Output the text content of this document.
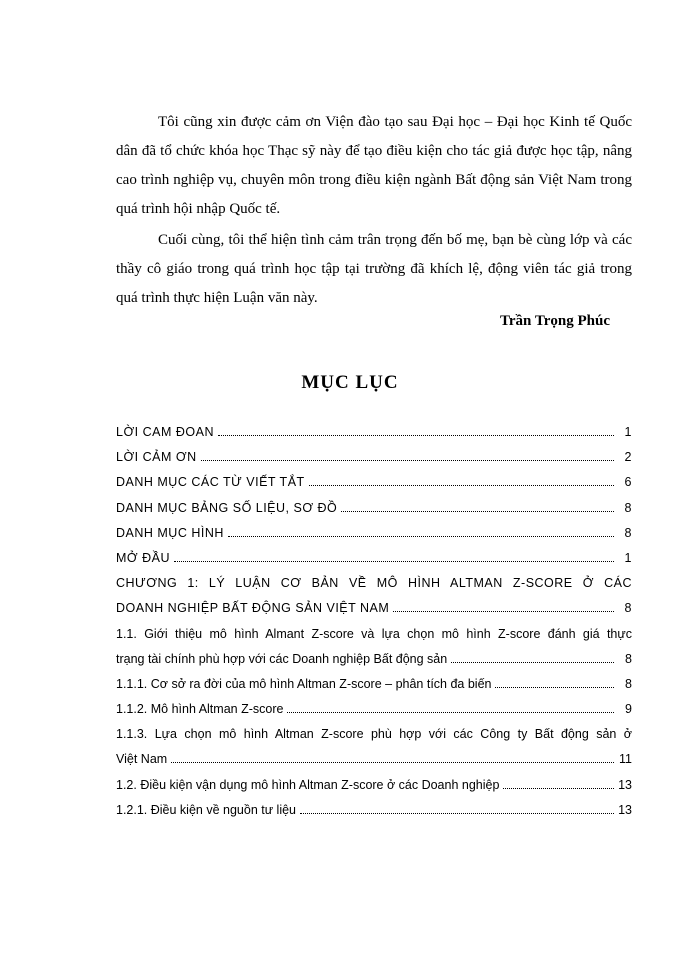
Tôi cũng xin được cảm ơn Viện đào tạo sau Đại học – Đại học Kinh tế Quốc dân đã tổ chức khóa học Thạc sỹ này để tạo điều kiện cho tác giả được học tập, nâng cao trình nghiệp vụ, chuyên môn trong điều kiện ngành Bất động sản Việt Nam trong quá trình hội nhập Quốc tế.

Cuối cùng, tôi thể hiện tình cảm trân trọng đến bố mẹ, bạn bè cùng lớp và các thầy cô giáo trong quá trình học tập tại trường đã khích lệ, động viên tác giả trong quá trình thực hiện Luận văn này.

Trần Trọng Phúc
MỤC LỤC
LỜI CAM ĐOAN	1
LỜI CẢM ƠN	2
DANH MỤC CÁC TỪ VIẾT TẮT	6
DANH MỤC BẢNG SỐ LIỆU, SƠ ĐỒ	8
DANH MỤC HÌNH	8
MỞ ĐẦU	1
CHƯƠNG 1: LÝ LUẬN CƠ BẢN VỀ MÔ HÌNH ALTMAN Z-SCORE Ở CÁC
DOANH NGHIỆP BẤT ĐỘNG SẢN VIỆT NAM	8
1.1. Giới thiệu mô hình Almant Z-score và lựa chọn mô hình Z-score đánh giá thực
trạng tài chính phù hợp với các Doanh nghiệp Bất động sản	8
1.1.1. Cơ sở ra đời của mô hình Altman Z-score – phân tích đa biến	8
1.1.2. Mô hình Altman Z-score	9
1.1.3. Lựa chọn mô hình Altman Z-score phù hợp với các Công ty Bất động sản ở
Việt Nam	11
1.2. Điều kiện vận dụng mô hình Altman Z-score ở các Doanh nghiệp	13
1.2.1. Điều kiện về nguồn tư liệu	13
